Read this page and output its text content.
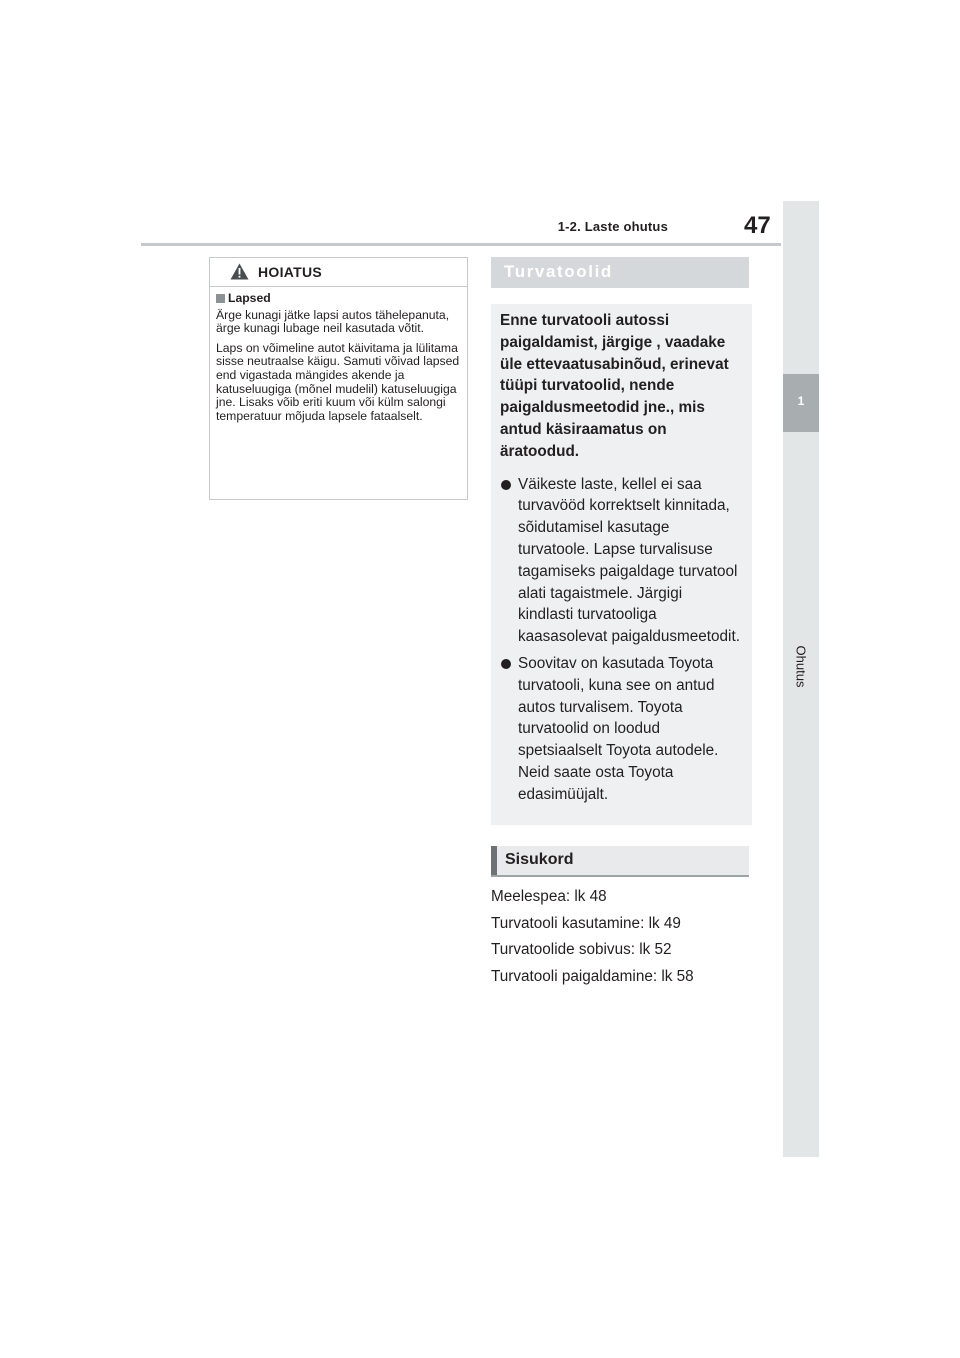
1-2. Laste ohutus	47
1
Ohutus
HOIATUS
Lapsed

Ärge kunagi jätke lapsi autos tähelepanuta, ärge kunagi lubage neil kasutada võtit.

Laps on võimeline autot käivitama ja lülitama sisse neutraalse käigu. Samuti võivad lapsed end vigastada mängides akende ja katuseluugiga (mõnel mudelil) katuseluugiga jne. Lisaks võib eriti kuum või külm salongi temperatuur mõjuda lapsele fataalselt.

Turvatoolid

Enne turvatooli autossi paigaldamist, järgige , vaadake üle ettevaatusabinõud, erinevat tüüpi turvatoolid, nende paigaldusmeetodid jne., mis antud käsiraamatus on äratoodud.

Väikeste laste, kellel ei saa turvavööd korrektselt kinnitada, sõidutamisel kasutage turvatoole. Lapse turvalisuse tagamiseks paigaldage turvatool alati tagaistmele. Järgigi kindlasti turvatooliga kaasasolevat paigaldusmeetodit.
Soovitav on kasutada Toyota turvatooli, kuna see on antud autos turvalisem. Toyota turvatoolid on loodud spetsiaalselt Toyota autodele. Neid saate osta Toyota edasimüüjalt.
Sisukord
Meelespea: lk 48
Turvatooli kasutamine: lk 49
Turvatoolide sobivus: lk 52
Turvatooli paigaldamine: lk 58
